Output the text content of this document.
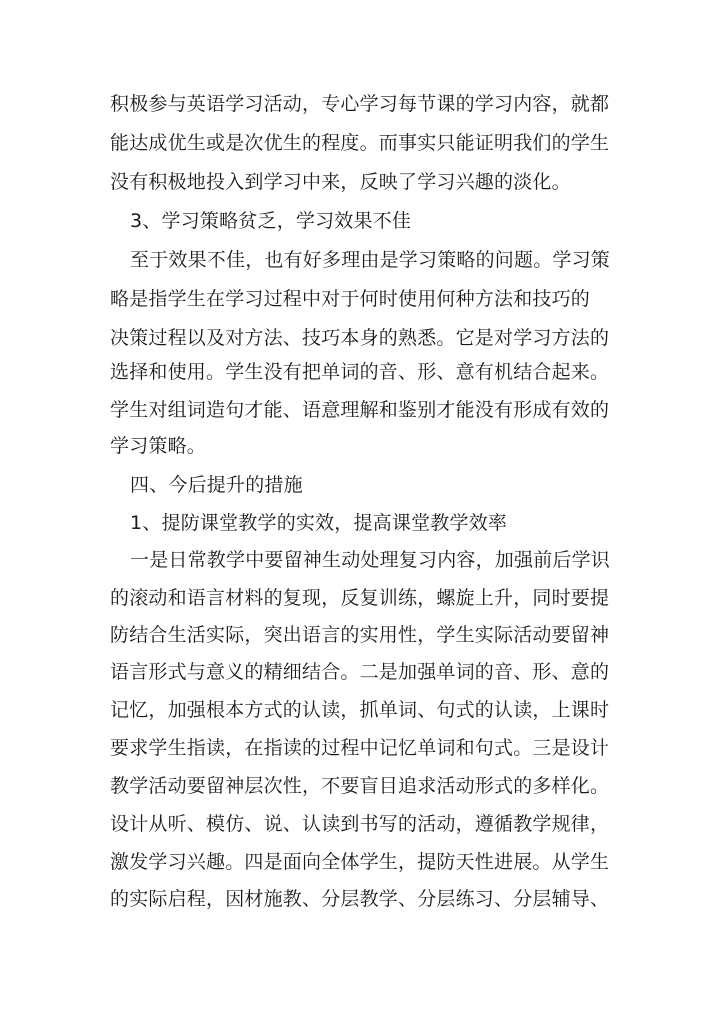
积极参与英语学习活动，专心学习每节课的学习内容，就都
能达成优生或是次优生的程度。而事实只能证明我们的学生
没有积极地投入到学习中来，反映了学习兴趣的淡化。
3、学习策略贫乏，学习效果不佳
至于效果不佳，也有好多理由是学习策略的问题。学习策
略是指学生在学习过程中对于何时使用何种方法和技巧的
决策过程以及对方法、技巧本身的熟悉。它是对学习方法的
选择和使用。学生没有把单词的音、形、意有机结合起来。
学生对组词造句才能、语意理解和鉴别才能没有形成有效的
学习策略。
四、今后提升的措施
1、提防课堂教学的实效，提高课堂教学效率
一是日常教学中要留神生动处理复习内容，加强前后学识
的滚动和语言材料的复现，反复训练，螺旋上升，同时要提
防结合生活实际，突出语言的实用性，学生实际活动要留神
语言形式与意义的精细结合。二是加强单词的音、形、意的
记忆，加强根本方式的认读，抓单词、句式的认读，上课时
要求学生指读，在指读的过程中记忆单词和句式。三是设计
教学活动要留神层次性，不要盲目追求活动形式的多样化。
设计从听、模仿、说、认读到书写的活动，遵循教学规律，
激发学习兴趣。四是面向全体学生，提防天性进展。从学生
的实际启程，因材施教、分层教学、分层练习、分层辅导、
